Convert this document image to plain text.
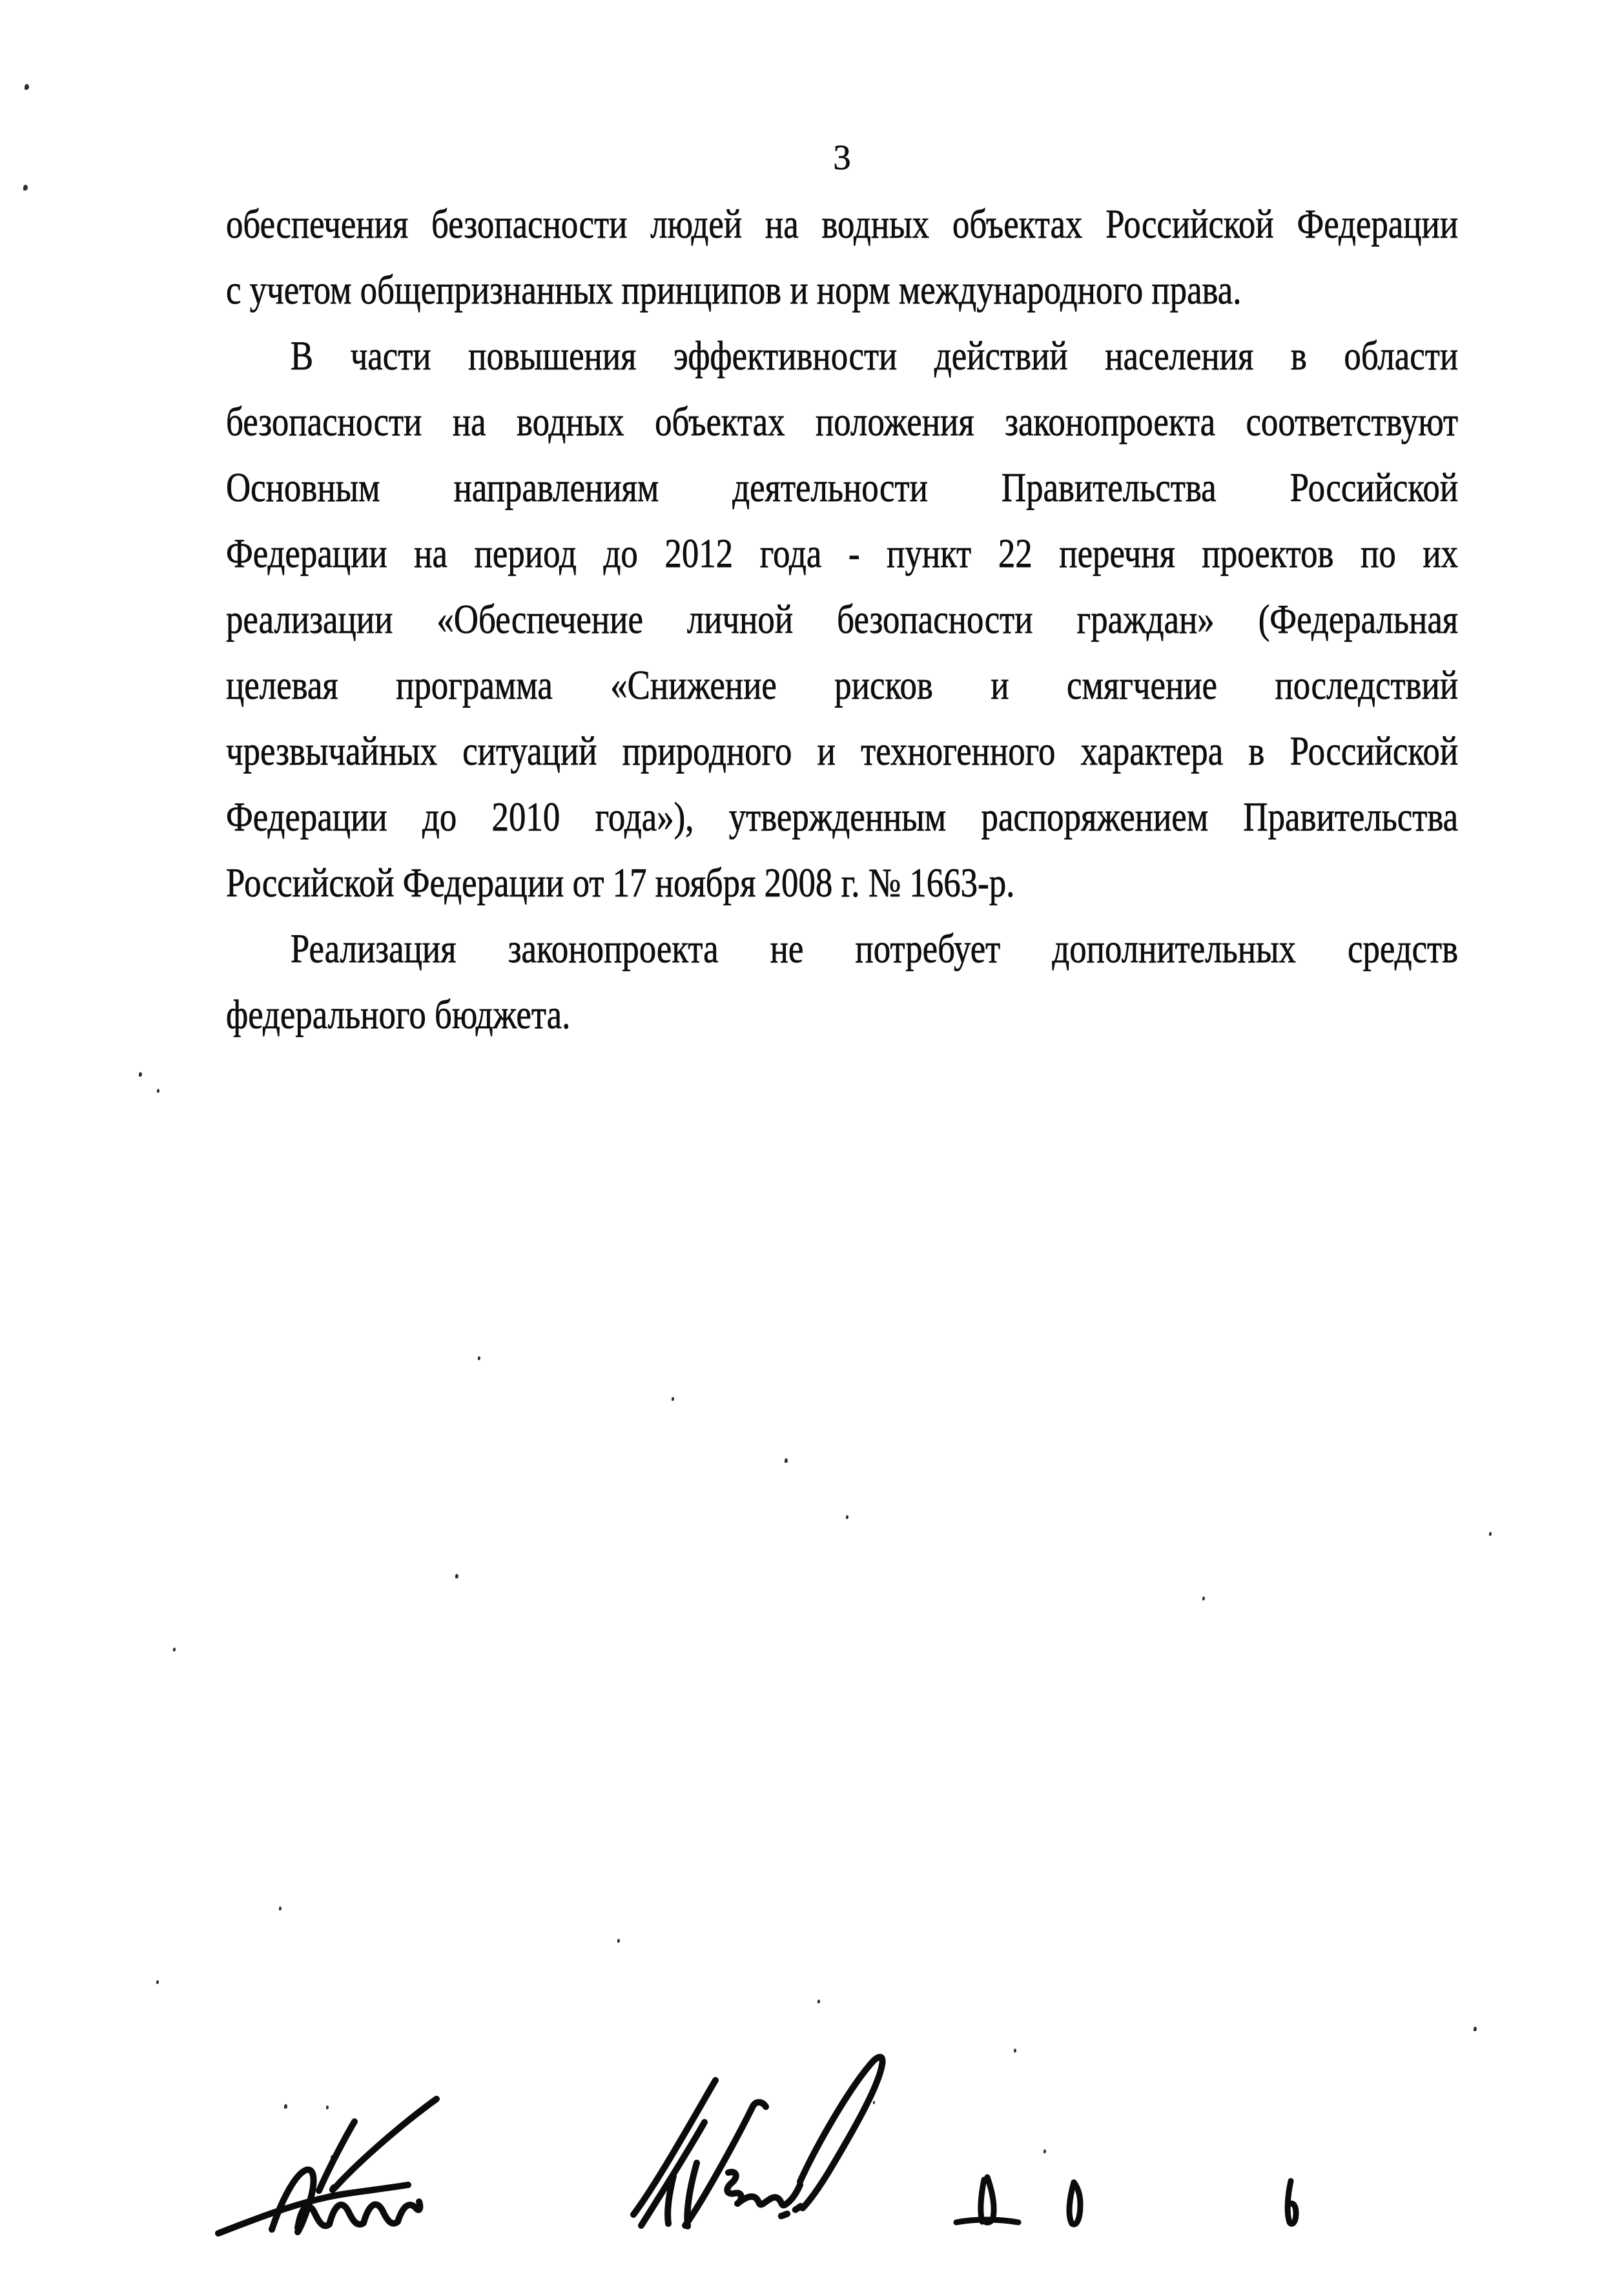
3
обеспечения безопасности людей на водных объектах Российской Федерации
с учетом общепризнанных принципов и норм международного права.
В части повышения эффективности действий населения в области
безопасности на водных объектах положения законопроекта соответствуют
Основным направлениям деятельности Правительства Российской
Федерации на период до 2012 года - пункт 22 перечня проектов по их
реализации «Обеспечение личной безопасности граждан» (Федеральная
целевая программа «Снижение рисков и смягчение последствий
чрезвычайных ситуаций природного и техногенного характера в Российской
Федерации до 2010 года»), утвержденным распоряжением Правительства
Российской Федерации от 17 ноября 2008 г. № 1663-р.
Реализация законопроекта не потребует дополнительных средств
федерального бюджета.
